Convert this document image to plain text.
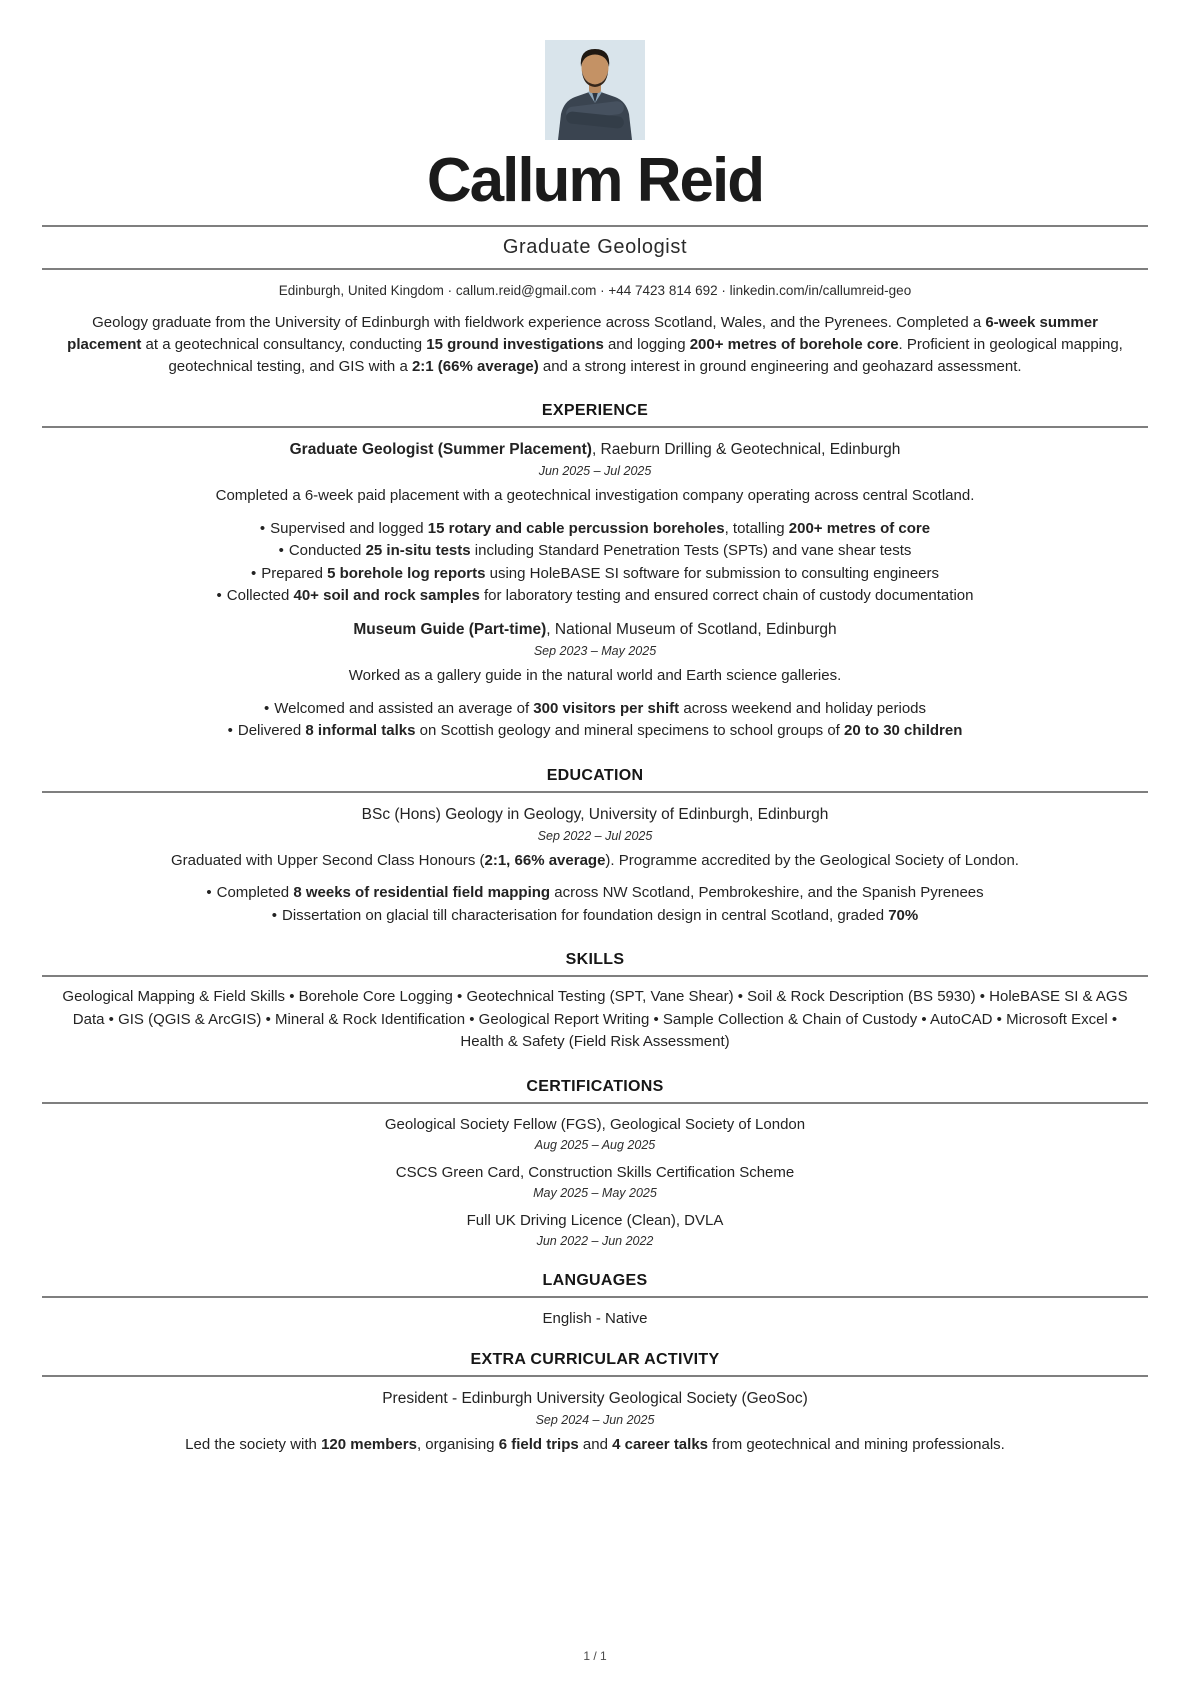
Callum Reid
Graduate Geologist
Edinburgh, United Kingdom · callum.reid@gmail.com · +44 7423 814 692 · linkedin.com/in/callumreid-geo
Geology graduate from the University of Edinburgh with fieldwork experience across Scotland, Wales, and the Pyrenees. Completed a 6-week summer placement at a geotechnical consultancy, conducting 15 ground investigations and logging 200+ metres of borehole core. Proficient in geological mapping, geotechnical testing, and GIS with a 2:1 (66% average) and a strong interest in ground engineering and geohazard assessment.
EXPERIENCE

Graduate Geologist (Summer Placement), Raeburn Drilling & Geotechnical, Edinburgh

Jun 2025 – Jul 2025

Completed a 6-week paid placement with a geotechnical investigation company operating across central Scotland.

• Supervised and logged 15 rotary and cable percussion boreholes, totalling 200+ metres of core

• Conducted 25 in-situ tests including Standard Penetration Tests (SPTs) and vane shear tests

• Prepared 5 borehole log reports using HoleBASE SI software for submission to consulting engineers

• Collected 40+ soil and rock samples for laboratory testing and ensured correct chain of custody documentation

Museum Guide (Part-time), National Museum of Scotland, Edinburgh

Sep 2023 – May 2025

Worked as a gallery guide in the natural world and Earth science galleries.

• Welcomed and assisted an average of 300 visitors per shift across weekend and holiday periods

• Delivered 8 informal talks on Scottish geology and mineral specimens to school groups of 20 to 30 children

EDUCATION

BSc (Hons) Geology in Geology, University of Edinburgh, Edinburgh

Sep 2022 – Jul 2025

Graduated with Upper Second Class Honours (2:1, 66% average). Programme accredited by the Geological Society of London.

• Completed 8 weeks of residential field mapping across NW Scotland, Pembrokeshire, and the Spanish Pyrenees

• Dissertation on glacial till characterisation for foundation design in central Scotland, graded 70%

SKILLS
Geological Mapping & Field Skills • Borehole Core Logging • Geotechnical Testing (SPT, Vane Shear) • Soil & Rock Description (BS 5930) • HoleBASE SI & AGS Data • GIS (QGIS & ArcGIS) • Mineral & Rock Identification • Geological Report Writing • Sample Collection & Chain of Custody • AutoCAD • Microsoft Excel • Health & Safety (Field Risk Assessment)
CERTIFICATIONS

Geological Society Fellow (FGS), Geological Society of London

Aug 2025 – Aug 2025

CSCS Green Card, Construction Skills Certification Scheme

May 2025 – May 2025

Full UK Driving Licence (Clean), DVLA

Jun 2022 – Jun 2022

LANGUAGES

English - Native

EXTRA CURRICULAR ACTIVITY

President - Edinburgh University Geological Society (GeoSoc)

Sep 2024 – Jun 2025

Led the society with 120 members, organising 6 field trips and 4 career talks from geotechnical and mining professionals.

1 / 1
